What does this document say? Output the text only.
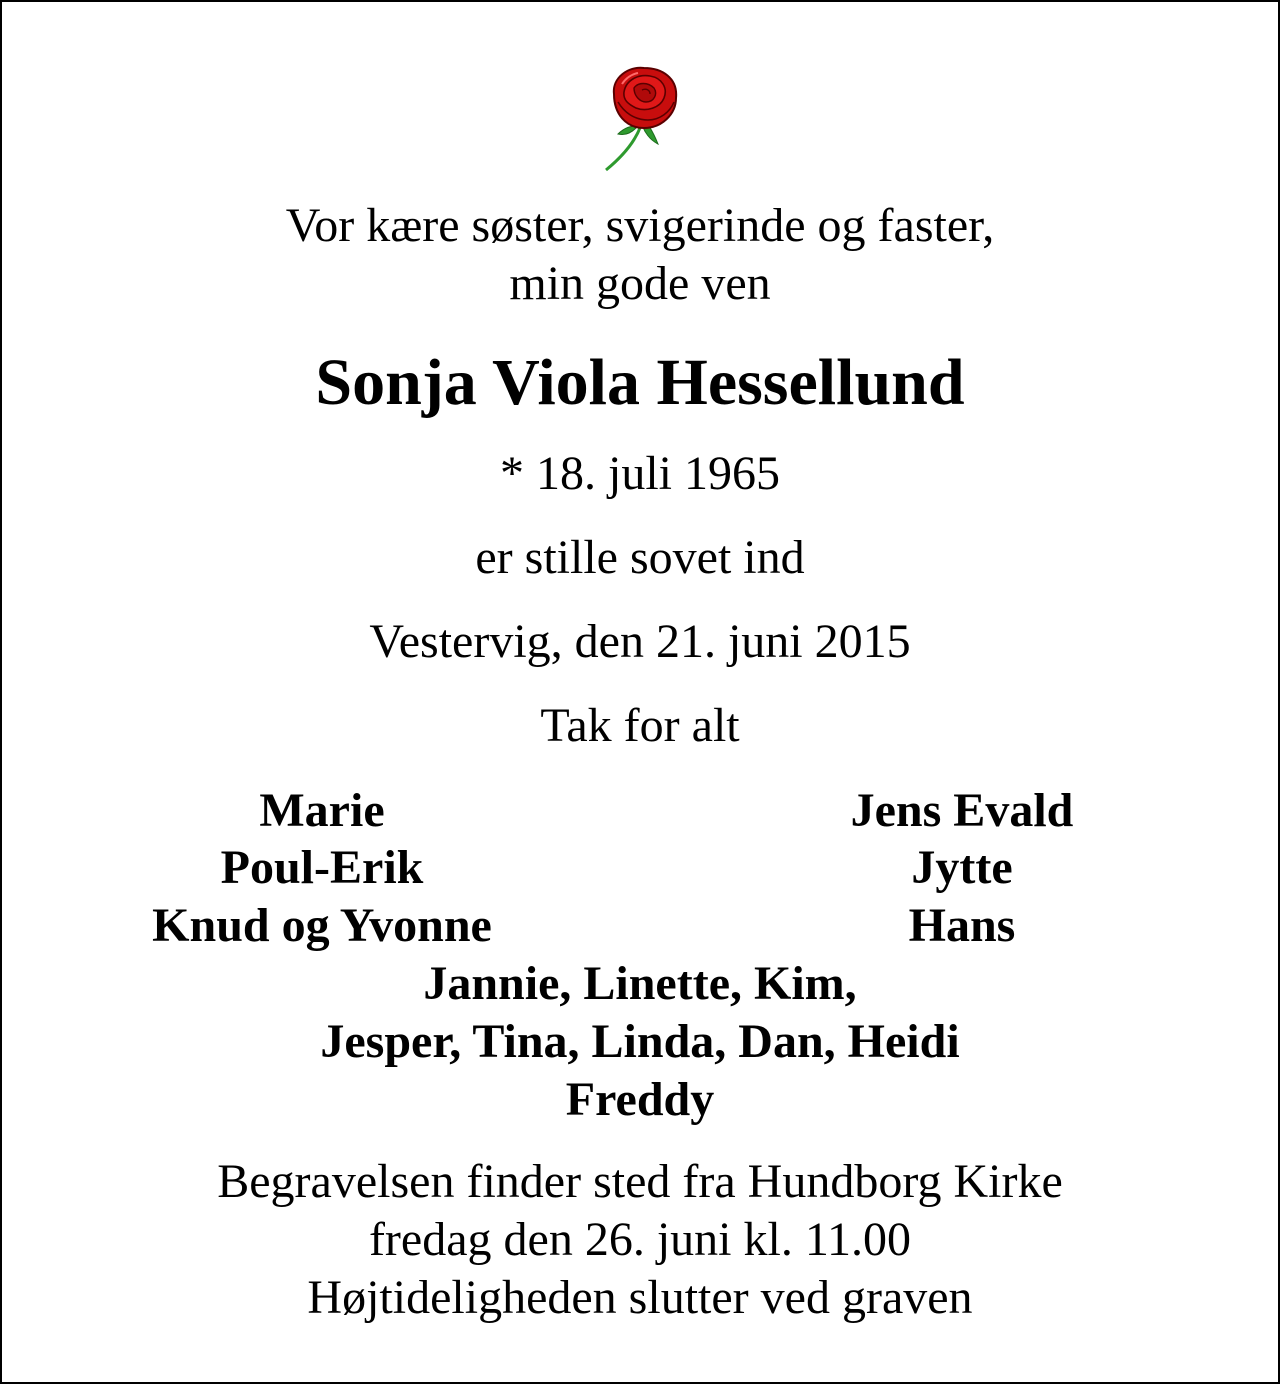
Vor kære søster, svigerinde og faster,
min gode ven
Sonja Viola Hessellund
* 18. juli 1965
er stille sovet ind
Vestervig, den 21. juni 2015
Tak for alt
Marie
Poul-Erik
Knud og Yvonne
Jens Evald
Jytte
Hans
Jannie, Linette, Kim,
Jesper, Tina, Linda, Dan, Heidi
Freddy
Begravelsen finder sted fra Hundborg Kirke
fredag den 26. juni kl. 11.00
Højtideligheden slutter ved graven
